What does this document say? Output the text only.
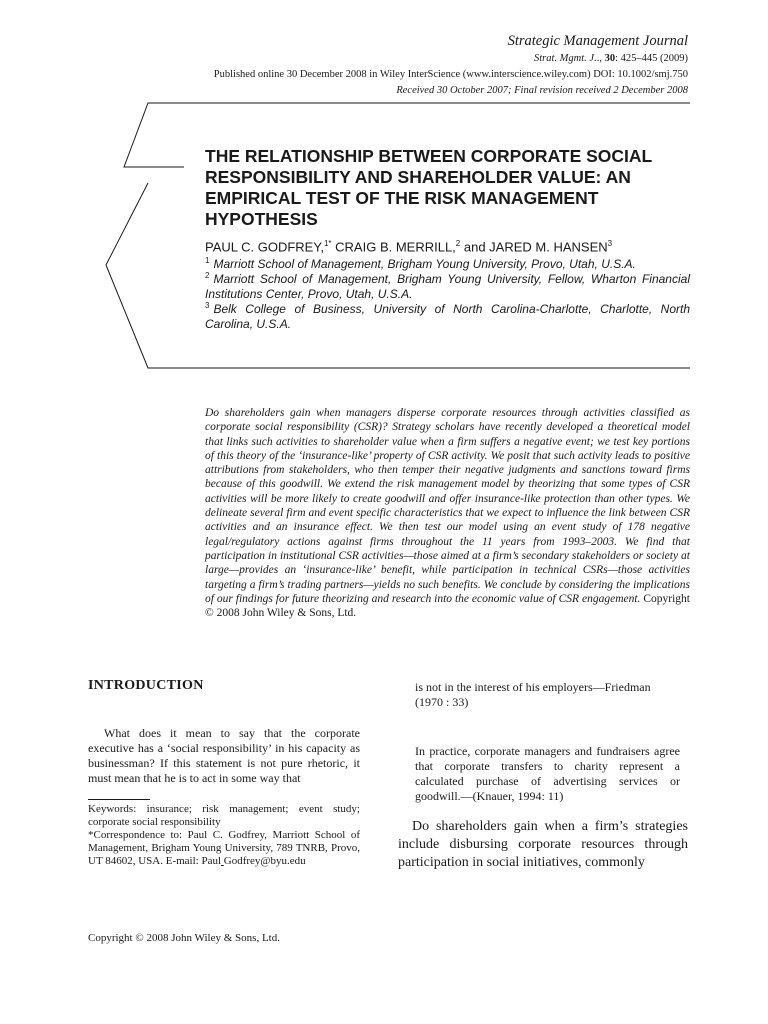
Strategic Management Journal
Strat. Mgmt. J.., 30: 425–445 (2009)
Published online 30 December 2008 in Wiley InterScience (www.interscience.wiley.com) DOI: 10.1002/smj.750
Received 30 October 2007; Final revision received 2 December 2008
THE RELATIONSHIP BETWEEN CORPORATE SOCIAL RESPONSIBILITY AND SHAREHOLDER VALUE: AN EMPIRICAL TEST OF THE RISK MANAGEMENT HYPOTHESIS
PAUL C. GODFREY,$^{1*}$ CRAIG B. MERRILL,$^2$ and JARED M. HANSEN$^3$
$^1$ Marriott School of Management, Brigham Young University, Provo, Utah, U.S.A.
$^2$ Marriott School of Management, Brigham Young University, Fellow, Wharton Financial Institutions Center, Provo, Utah, U.S.A.
$^3$ Belk College of Business, University of North Carolina-Charlotte, Charlotte, North Carolina, U.S.A.
Do shareholders gain when managers disperse corporate resources through activities classified as corporate social responsibility (CSR)? Strategy scholars have recently developed a theoretical model that links such activities to shareholder value when a firm suffers a negative event; we test key portions of this theory of the ‘insurance-like’ property of CSR activity. We posit that such activity leads to positive attributions from stakeholders, who then temper their negative judgments and sanctions toward firms because of this goodwill. We extend the risk management model by theorizing that some types of CSR activities will be more likely to create goodwill and offer insurance-like protection than other types. We delineate several firm and event specific characteristics that we expect to influence the link between CSR activities and an insurance effect. We then test our model using an event study of 178 negative legal/regulatory actions against firms throughout the 11 years from 1993–2003. We find that participation in institutional CSR activities—those aimed at a firm’s secondary stakeholders or society at large—provides an ‘insurance-like’ benefit, while participation in technical CSRs—those activities targeting a firm’s trading partners—yields no such benefits. We conclude by considering the implications of our findings for future theorizing and research into the economic value of CSR engagement. Copyright © 2008 John Wiley & Sons, Ltd.
INTRODUCTION
What does it mean to say that the corporate executive has a ‘social responsibility’ in his capacity as businessman? If this statement is not pure rhetoric, it must mean that he is to act in some way that
Keywords: insurance; risk management; event study; corporate social responsibility
*Correspondence to: Paul C. Godfrey, Marriott School of Management, Brigham Young University, 789 TNRB, Provo, UT 84602, USA. E-mail: Paul Godfrey@byu.edu
is not in the interest of his employers—Friedman (1970 : 33)
In practice, corporate managers and fundraisers agree that corporate transfers to charity represent a calculated purchase of advertising services or goodwill.—(Knauer, 1994: 11)
Do shareholders gain when a firm’s strategies include disbursing corporate resources through participation in social initiatives, commonly
Copyright © 2008 John Wiley & Sons, Ltd.
